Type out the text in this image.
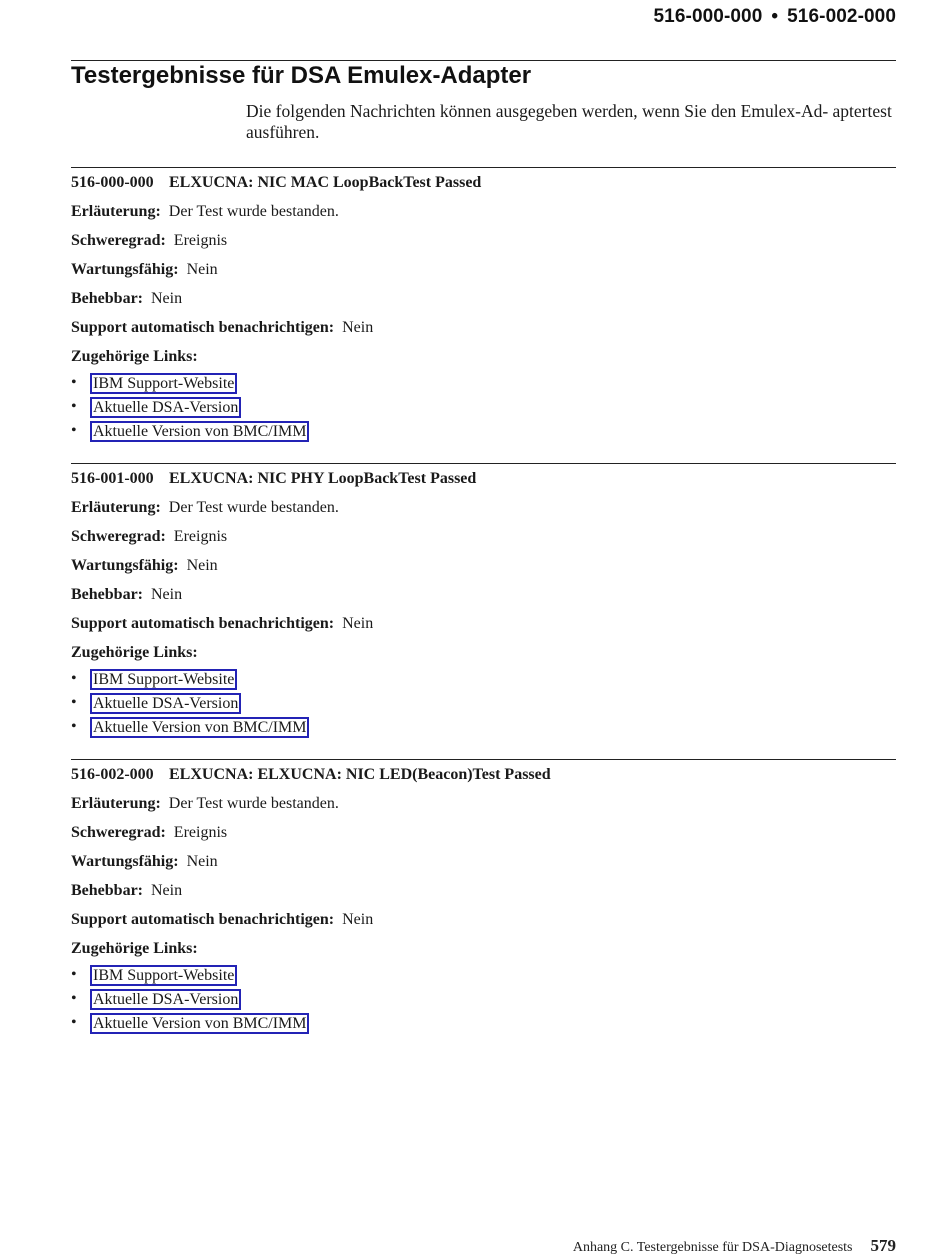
516-000-000 • 516-002-000
Testergebnisse für DSA Emulex-Adapter

Die folgenden Nachrichten können ausgegeben werden, wenn Sie den Emulex-Ad- aptertest ausführen.

516-000-000 ELXUCNA: NIC MAC LoopBackTest Passed
Erläuterung: Der Test wurde bestanden.
Schweregrad: Ereignis
Wartungsfähig: Nein
Behebbar: Nein
Support automatisch benachrichtigen: Nein
Zugehörige Links:
•	IBM Support-Website
•	Aktuelle DSA-Version
•	Aktuelle Version von BMC/IMM
516-001-000 ELXUCNA: NIC PHY LoopBackTest Passed
Erläuterung: Der Test wurde bestanden.
Schweregrad: Ereignis
Wartungsfähig: Nein
Behebbar: Nein
Support automatisch benachrichtigen: Nein
Zugehörige Links:
•	IBM Support-Website
•	Aktuelle DSA-Version
•	Aktuelle Version von BMC/IMM
516-002-000 ELXUCNA: ELXUCNA: NIC LED(Beacon)Test Passed
Erläuterung: Der Test wurde bestanden.
Schweregrad: Ereignis
Wartungsfähig: Nein
Behebbar: Nein
Support automatisch benachrichtigen: Nein
Zugehörige Links:
•	IBM Support-Website
•	Aktuelle DSA-Version
•	Aktuelle Version von BMC/IMM
Anhang C. Testergebnisse für DSA-Diagnosetests 579
